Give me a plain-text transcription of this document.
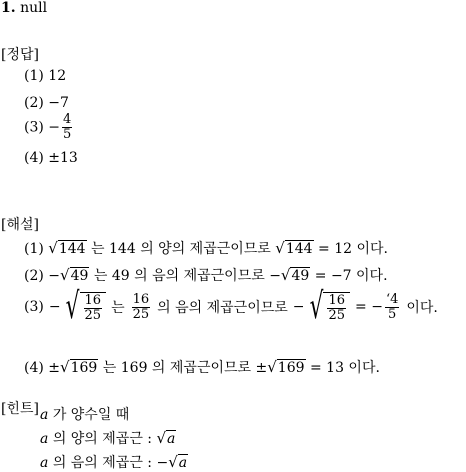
1. null
[정답]
(1) 12
(2) −7
$(3) - \frac{4}{5}$
(4) ±13
[해설]
(1) √144 는 144 의 양의 제곱근이므로 √144 = 12 이다.
(2) −√49 는 49 의 음의 제곱근이므로 −√49 = −7 이다.
(3) − √ $\frac{16}{25}$ 는 $\frac{16}{25}$ 의 음의 제곱근이므로 − √ $\frac{16}{25}$ = − $\frac{‘4}{5}$ 이다.
(4) ±√169 는 169 의 제곱근이므로 ±√169 = 13 이다.
[힌트] a 가 양수일 때
a 의 양의 제곱근 : √a
a 의 음의 제곱근 : −√a
